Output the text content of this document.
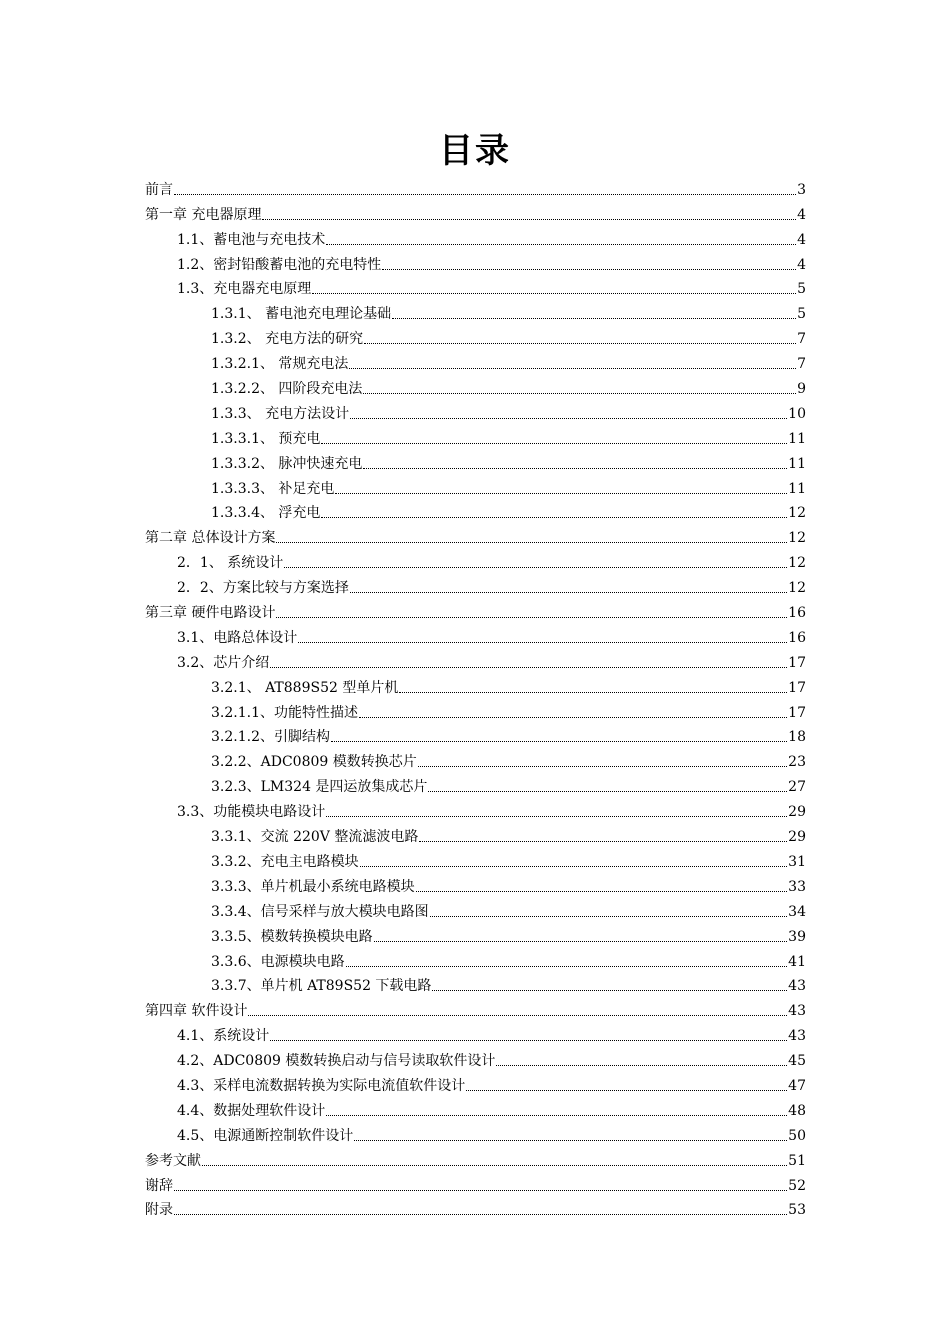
目录
前言	3
第一章 充电器原理	4
1.1、蓄电池与充电技术	4
1.2、密封铅酸蓄电池的充电特性	4
1.3、充电器充电原理	5
1.3.1、 蓄电池充电理论基础	5
1.3.2、 充电方法的研究	7
1.3.2.1、 常规充电法	7
1.3.2.2、 四阶段充电法	9
1.3.3、 充电方法设计	10
1.3.3.1、 预充电	11
1.3.3.2、 脉冲快速充电	11
1.3.3.3、 补足充电	11
1.3.3.4、 浮充电	12
第二章 总体设计方案	12
2．1、 系统设计	12
2．2、方案比较与方案选择	12
第三章 硬件电路设计	16
3.1、电路总体设计	16
3.2、芯片介绍	17
3.2.1、 AT889S52 型单片机	17
3.2.1.1、功能特性描述	17
3.2.1.2、引脚结构	18
3.2.2、ADC0809 模数转换芯片	23
3.2.3、LM324 是四运放集成芯片	27
3.3、功能模块电路设计	29
3.3.1、交流 220V 整流滤波电路	29
3.3.2、充电主电路模块	31
3.3.3、单片机最小系统电路模块	33
3.3.4、信号采样与放大模块电路图	34
3.3.5、模数转换模块电路	39
3.3.6、电源模块电路	41
3.3.7、单片机 AT89S52 下载电路	43
第四章 软件设计	43
4.1、系统设计	43
4.2、ADC0809 模数转换启动与信号读取软件设计	45
4.3、采样电流数据转换为实际电流值软件设计	47
4.4、数据处理软件设计	48
4.5、电源通断控制软件设计	50
参考文献	51
谢辞	52
附录	53
